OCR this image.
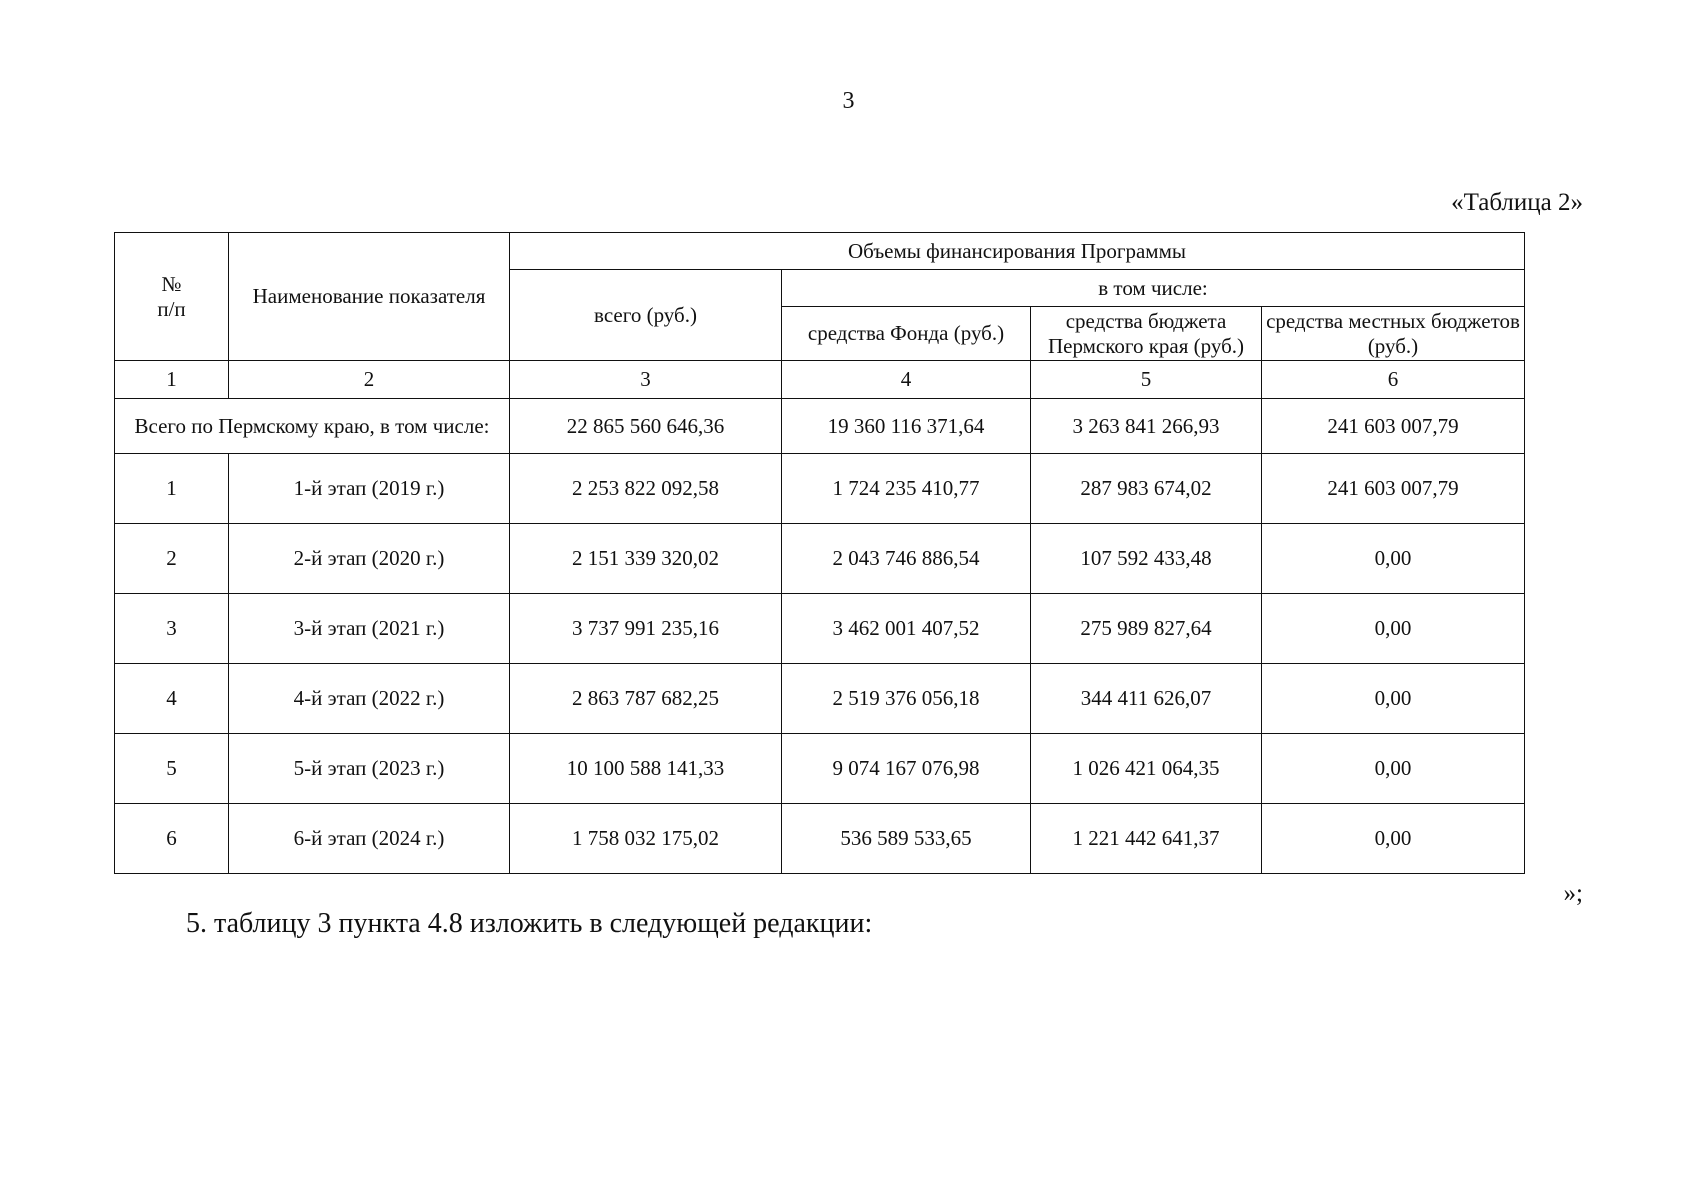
3
«Таблица 2»
№
п/п	Наименование показателя	Объемы финансирования Программы			
		всего (руб.)	в том числе:		
			средства Фонда (руб.)	средства бюджета Пермского края (руб.)	средства местных бюджетов (руб.)
1	2	3	4	5	6
Всего по Пермскому краю, в том числе:		22 865 560 646,36	19 360 116 371,64	3 263 841 266,93	241 603 007,79
1	1-й этап (2019 г.)	2 253 822 092,58	1 724 235 410,77	287 983 674,02	241 603 007,79
2	2-й этап (2020 г.)	2 151 339 320,02	2 043 746 886,54	107 592 433,48	0,00
3	3-й этап (2021 г.)	3 737 991 235,16	3 462 001 407,52	275 989 827,64	0,00
4	4-й этап (2022 г.)	2 863 787 682,25	2 519 376 056,18	344 411 626,07	0,00
5	5-й этап (2023 г.)	10 100 588 141,33	9 074 167 076,98	1 026 421 064,35	0,00
6	6-й этап (2024 г.)	1 758 032 175,02	536 589 533,65	1 221 442 641,37	0,00
»;
5. таблицу 3 пункта 4.8 изложить в следующей редакции:
